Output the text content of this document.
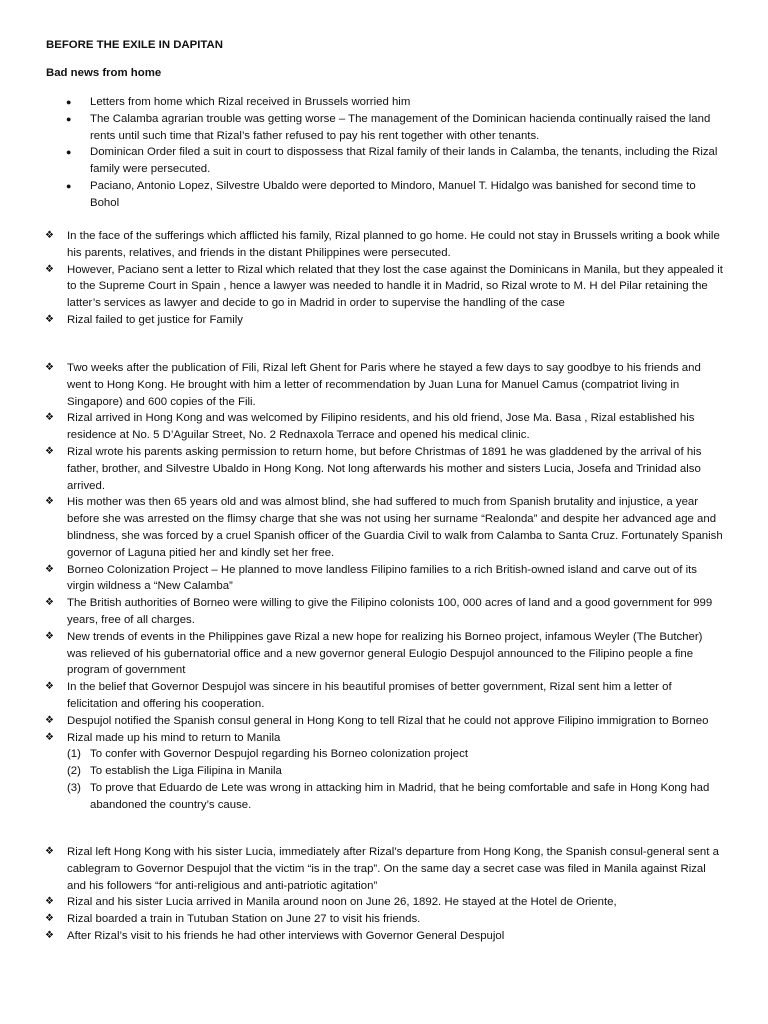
BEFORE THE EXILE IN DAPITAN
Bad news from home
● Letters from home which Rizal received in Brussels worried him
● The Calamba agrarian trouble was getting worse – The management of the Dominican hacienda continually raised the land rents until such time that Rizal’s father refused to pay his rent together with other tenants.
● Dominican Order filed a suit in court to dispossess that Rizal family of their lands in Calamba, the tenants, including the Rizal family were persecuted.
● Paciano, Antonio Lopez, Silvestre Ubaldo were deported to Mindoro, Manuel T. Hidalgo was banished for second time to Bohol
❖ In the face of the sufferings which afflicted his family, Rizal planned to go home. He could not stay in Brussels writing a book while his parents, relatives, and friends in the distant Philippines were persecuted.
❖ However, Paciano sent a letter to Rizal which related that they lost the case against the Dominicans in Manila, but they appealed it to the Supreme Court in Spain , hence a lawyer was needed to handle it in Madrid, so Rizal wrote to M. H del Pilar retaining the latter’s services as lawyer and decide to go in Madrid in order to supervise the handling of the case
❖ Rizal failed to get justice for Family
❖ Two weeks after the publication of Fili, Rizal left Ghent for Paris where he stayed a few days to say goodbye to his friends and went to Hong Kong. He brought with him a letter of recommendation by Juan Luna for Manuel Camus (compatriot living in Singapore) and 600 copies of the Fili.
❖ Rizal arrived in Hong Kong and was welcomed by Filipino residents, and his old friend, Jose Ma. Basa , Rizal established his residence at No. 5 D’Aguilar Street, No. 2 Rednaxola Terrace and opened his medical clinic.
❖ Rizal wrote his parents asking permission to return home, but before Christmas of 1891 he was gladdened by the arrival of his father, brother, and Silvestre Ubaldo in Hong Kong. Not long afterwards his mother and sisters Lucia, Josefa and Trinidad also arrived.
❖ His mother was then 65 years old and was almost blind, she had suffered to much from Spanish brutality and injustice, a year before she was arrested on the flimsy charge that she was not using her surname “Realonda” and despite her advanced age and blindness, she was forced by a cruel Spanish officer of the Guardia Civil to walk from Calamba to Santa Cruz. Fortunately Spanish governor of Laguna pitied her and kindly set her free.
❖ Borneo Colonization Project – He planned to move landless Filipino families to a rich British-owned island and carve out of its virgin wildness a “New Calamba”
❖ The British authorities of Borneo were willing to give the Filipino colonists 100, 000 acres of land and a good government for 999 years, free of all charges.
❖ New trends of events in the Philippines gave Rizal a new hope for realizing his Borneo project, infamous Weyler (The Butcher) was relieved of his gubernatorial office and a new governor general Eulogio Despujol announced to the Filipino people a fine program of government
❖ In the belief that Governor Despujol was sincere in his beautiful promises of better government, Rizal sent him a letter of felicitation and offering his cooperation.
❖ Despujol notified the Spanish consul general in Hong Kong to tell Rizal that he could not approve Filipino immigration to Borneo
❖ Rizal made up his mind to return to Manila
(1) To confer with Governor Despujol regarding his Borneo colonization project
(2) To establish the Liga Filipina in Manila
(3) To prove that Eduardo de Lete was wrong in attacking him in Madrid, that he being comfortable and safe in Hong Kong had abandoned the country’s cause.
❖ Rizal left Hong Kong with his sister Lucia, immediately after Rizal’s departure from Hong Kong, the Spanish consul-general sent a cablegram to Governor Despujol that the victim “is in the trap”. On the same day a secret case was filed in Manila against Rizal and his followers “for anti-religious and anti-patriotic agitation”
❖ Rizal and his sister Lucia arrived in Manila around noon on June 26, 1892. He stayed at the Hotel de Oriente,
❖ Rizal boarded a train in Tutuban Station on June 27 to visit his friends.
❖ After Rizal’s visit to his friends he had other interviews with Governor General Despujol
